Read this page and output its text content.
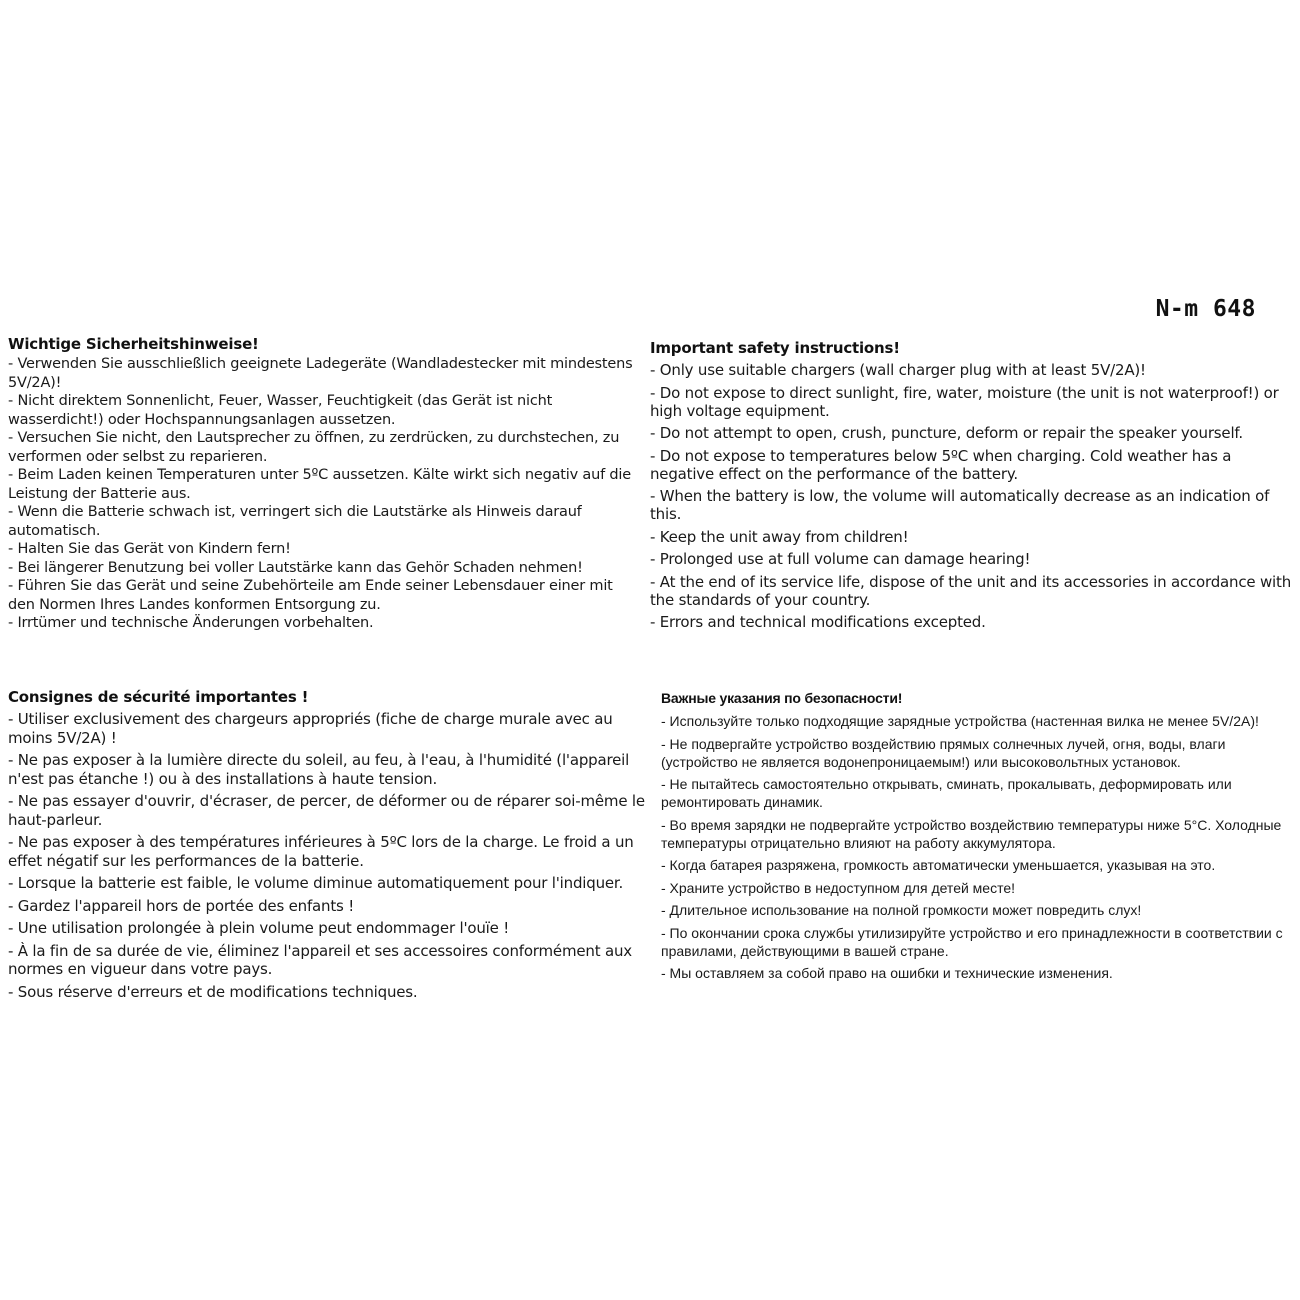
N-m 648
Wichtige Sicherheitshinweise!
- Verwenden Sie ausschließlich geeignete Ladegeräte (Wandladestecker mit mindestens 5V/2A)!
- Nicht direktem Sonnenlicht, Feuer, Wasser, Feuchtigkeit (das Gerät ist nicht wasserdicht!) oder Hochspannungsanlagen aussetzen.
- Versuchen Sie nicht, den Lautsprecher zu öffnen, zu zerdrücken, zu durchstechen, zu verformen oder selbst zu reparieren.
- Beim Laden keinen Temperaturen unter 5ºC aussetzen. Kälte wirkt sich negativ auf die Leistung der Batterie aus.
- Wenn die Batterie schwach ist, verringert sich die Lautstärke als Hinweis darauf automatisch.
- Halten Sie das Gerät von Kindern fern!
- Bei längerer Benutzung bei voller Lautstärke kann das Gehör Schaden nehmen!
- Führen Sie das Gerät und seine Zubehörteile am Ende seiner Lebensdauer einer mit den Normen Ihres Landes konformen Entsorgung zu.
- Irrtümer und technische Änderungen vorbehalten.
Important safety instructions!
- Only use suitable chargers (wall charger plug with at least 5V/2A)!
- Do not expose to direct sunlight, fire, water, moisture (the unit is not waterproof!) or high voltage equipment.
- Do not attempt to open, crush, puncture, deform or repair the speaker yourself.
- Do not expose to temperatures below 5ºC when charging. Cold weather has a negative effect on the performance of the battery.
- When the battery is low, the volume will automatically decrease as an indication of this.
- Keep the unit away from children!
- Prolonged use at full volume can damage hearing!
- At the end of its service life, dispose of the unit and its accessories in accordance with the standards of your country.
- Errors and technical modifications excepted.
Consignes de sécurité importantes !
- Utiliser exclusivement des chargeurs appropriés (fiche de charge murale avec au moins 5V/2A) !
- Ne pas exposer à la lumière directe du soleil, au feu, à l'eau, à l'humidité (l'appareil n'est pas étanche !) ou à des installations à haute tension.
- Ne pas essayer d'ouvrir, d'écraser, de percer, de déformer ou de réparer soi-même le haut-parleur.
- Ne pas exposer à des températures inférieures à 5ºC lors de la charge. Le froid a un effet négatif sur les performances de la batterie.
- Lorsque la batterie est faible, le volume diminue automatiquement pour l'indiquer.
- Gardez l'appareil hors de portée des enfants !
- Une utilisation prolongée à plein volume peut endommager l'ouïe !
- À la fin de sa durée de vie, éliminez l'appareil et ses accessoires conformément aux normes en vigueur dans votre pays.
- Sous réserve d'erreurs et de modifications techniques.
Важные указания по безопасности!
- Используйте только подходящие зарядные устройства (настенная вилка не менее 5V/2A)!
- Не подвергайте устройство воздействию прямых солнечных лучей, огня, воды, влаги (устройство не является водонепроницаемым!) или высоковольтных установок.
- Не пытайтесь самостоятельно открывать, сминать, прокалывать, деформировать или ремонтировать динамик.
- Во время зарядки не подвергайте устройство воздействию температуры ниже 5°C. Холодные температуры отрицательно влияют на работу аккумулятора.
- Когда батарея разряжена, громкость автоматически уменьшается, указывая на это.
- Храните устройство в недоступном для детей месте!
- Длительное использование на полной громкости может повредить слух!
- По окончании срока службы утилизируйте устройство и его принадлежности в соответствии с правилами, действующими в вашей стране.
- Мы оставляем за собой право на ошибки и технические изменения.
